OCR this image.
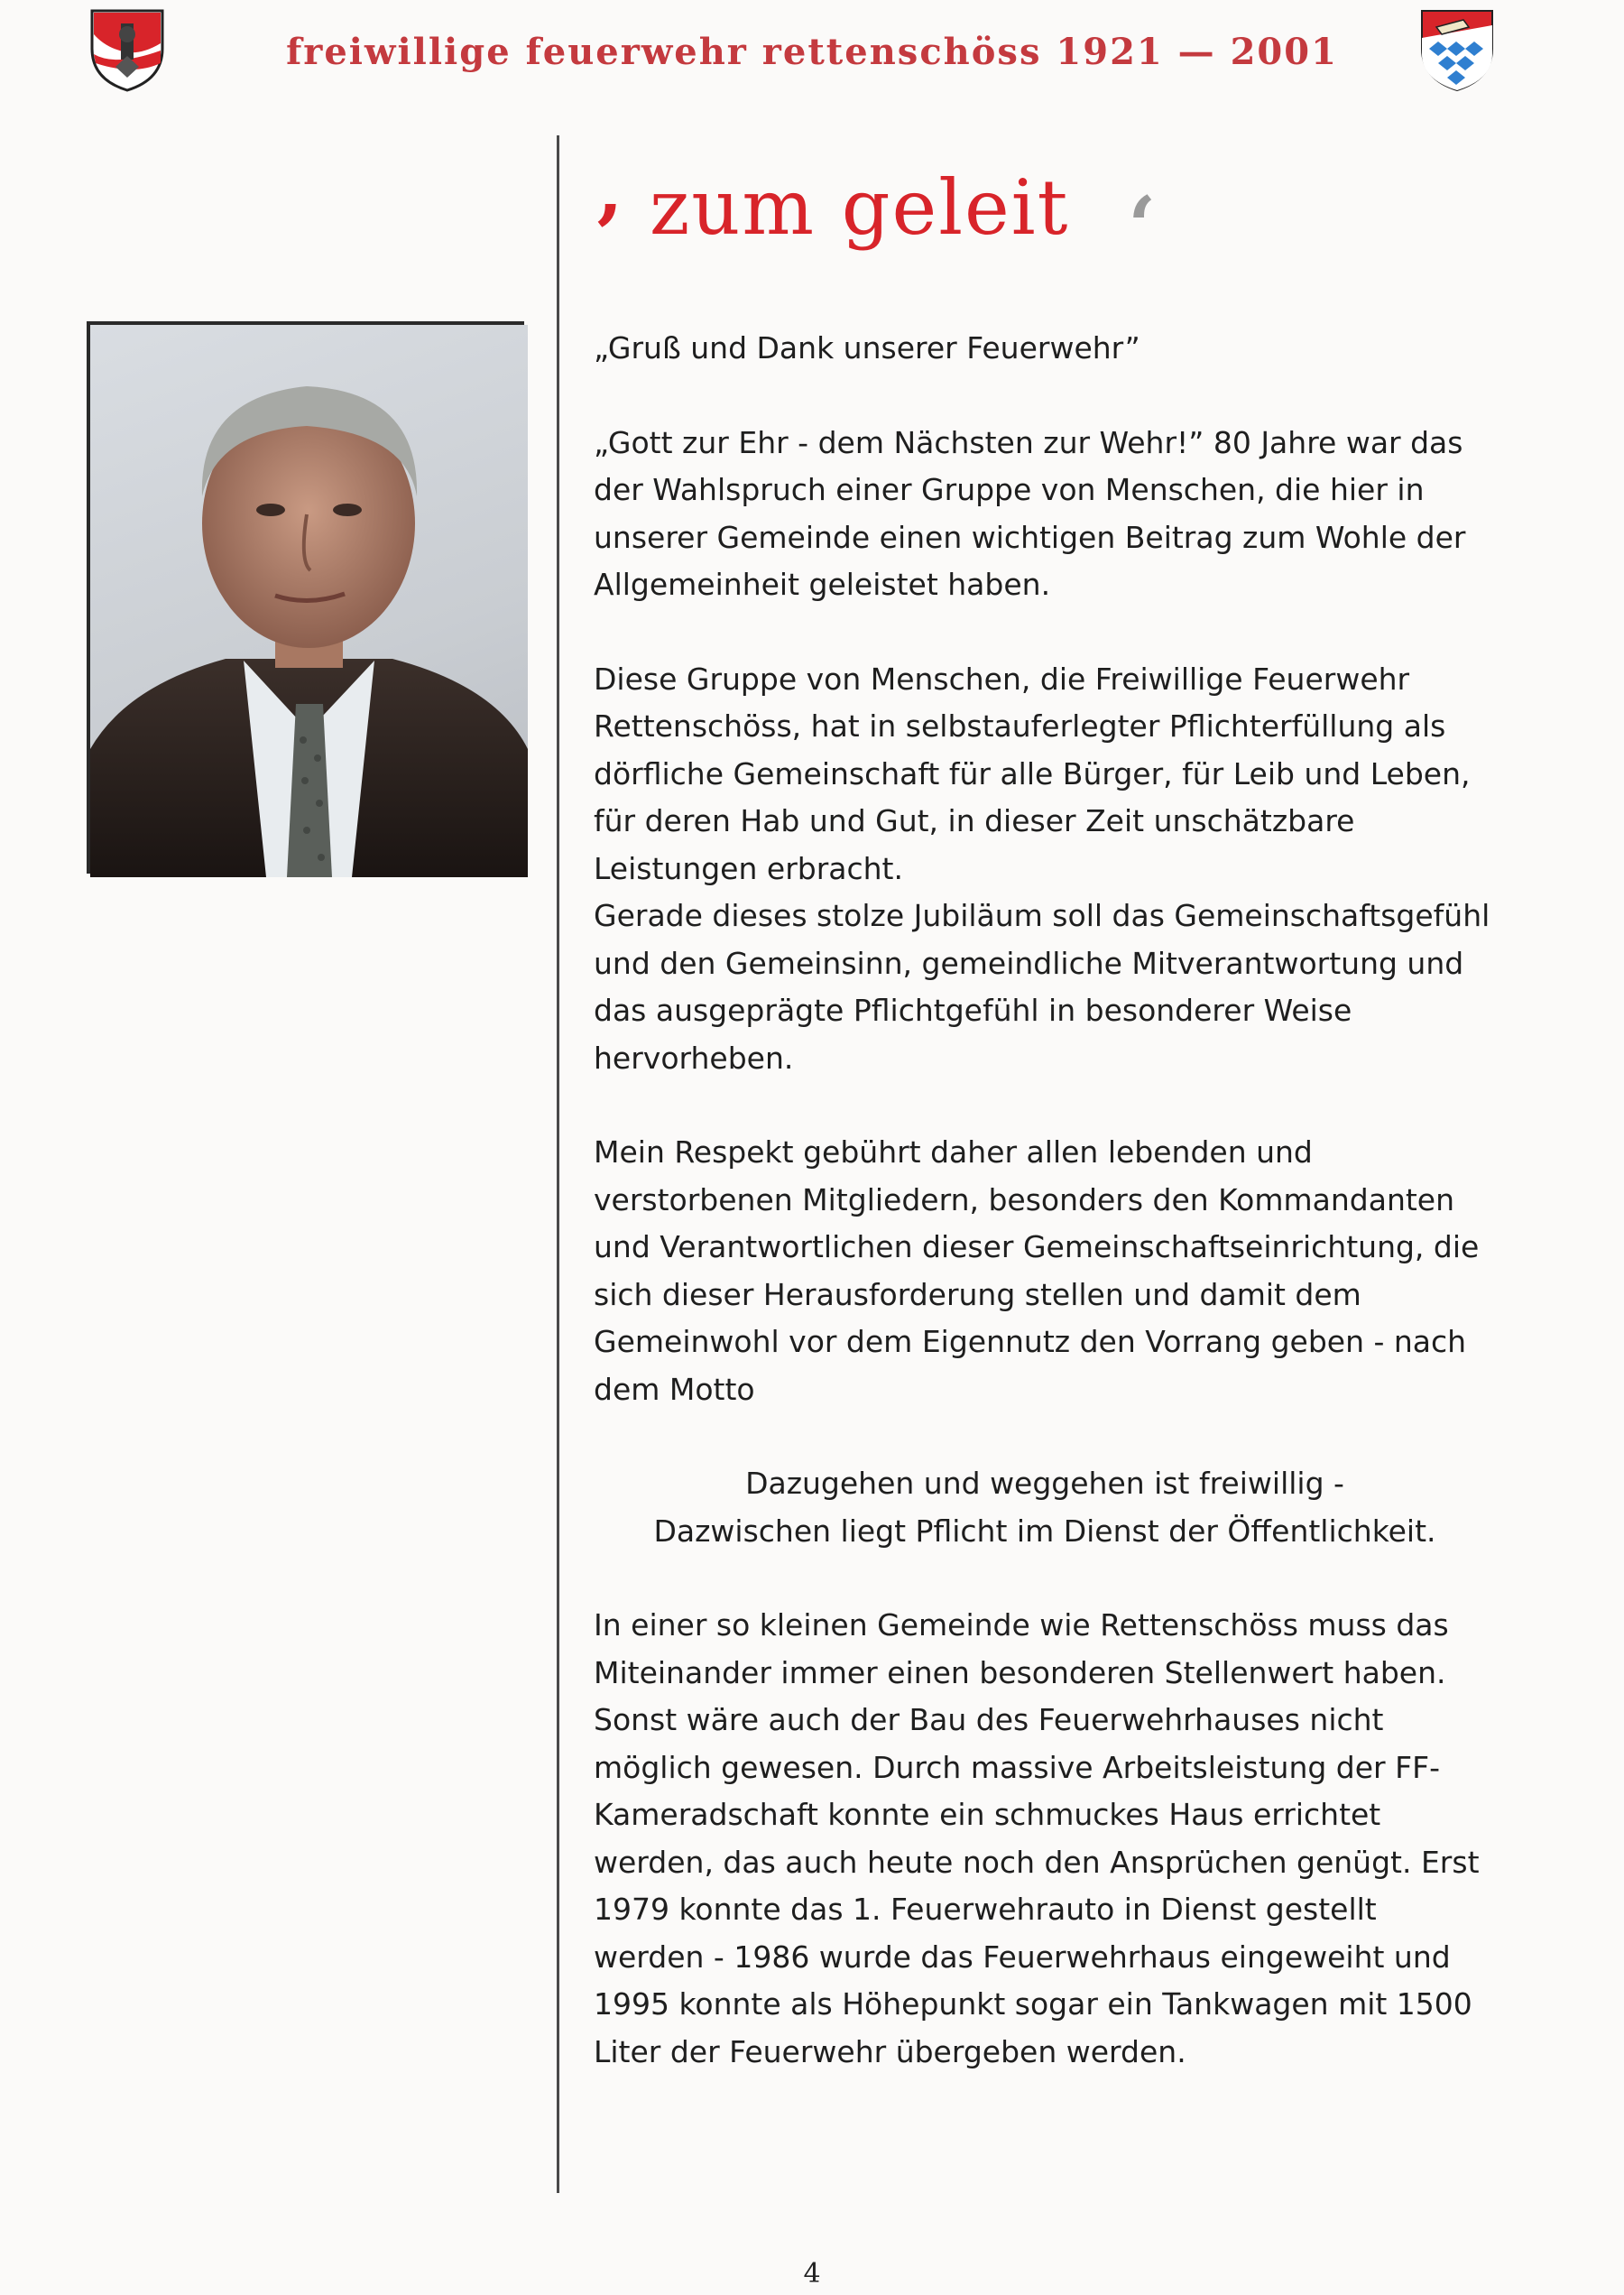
freiwillige feuerwehr rettenschöss 1921 — 2001
‚ zum geleit ‘

„Gruß und Dank unserer Feuerwehr”

„Gott zur Ehr - dem Nächsten zur Wehr!” 80 Jahre war das der Wahlspruch einer Gruppe von Menschen, die hier in unserer Gemeinde einen wichtigen Beitrag zum Wohle der Allgemeinheit geleistet haben.

Diese Gruppe von Menschen, die Freiwillige Feuerwehr Rettenschöss, hat in selbstauferlegter Pflichterfüllung als dörfliche Gemeinschaft für alle Bürger, für Leib und Leben, für deren Hab und Gut, in dieser Zeit unschätzbare Leistungen erbracht.

Gerade dieses stolze Jubiläum soll das Gemeinschaftsgefühl und den Gemeinsinn, gemeindliche Mitverantwortung und das ausgeprägte Pflichtgefühl in besonderer Weise hervorheben.

Mein Respekt gebührt daher allen lebenden und verstorbenen Mitgliedern, besonders den Kommandanten und Verantwortlichen dieser Gemeinschaftseinrichtung, die sich dieser Herausforderung stellen und damit dem Gemeinwohl vor dem Eigennutz den Vorrang geben - nach dem Motto

Dazugehen und weggehen ist freiwillig -
Dazwischen liegt Pflicht im Dienst der Öffentlichkeit.

In einer so kleinen Gemeinde wie Rettenschöss muss das Miteinander immer einen besonderen Stellenwert haben. Sonst wäre auch der Bau des Feuerwehrhauses nicht möglich gewesen. Durch massive Arbeitsleistung der FF-Kameradschaft konnte ein schmuckes Haus errichtet werden, das auch heute noch den Ansprüchen genügt. Erst 1979 konnte das 1. Feuerwehrauto in Dienst gestellt werden - 1986 wurde das Feuerwehrhaus eingeweiht und 1995 konnte als Höhepunkt sogar ein Tankwagen mit 1500 Liter der Feuerwehr übergeben werden.

4
